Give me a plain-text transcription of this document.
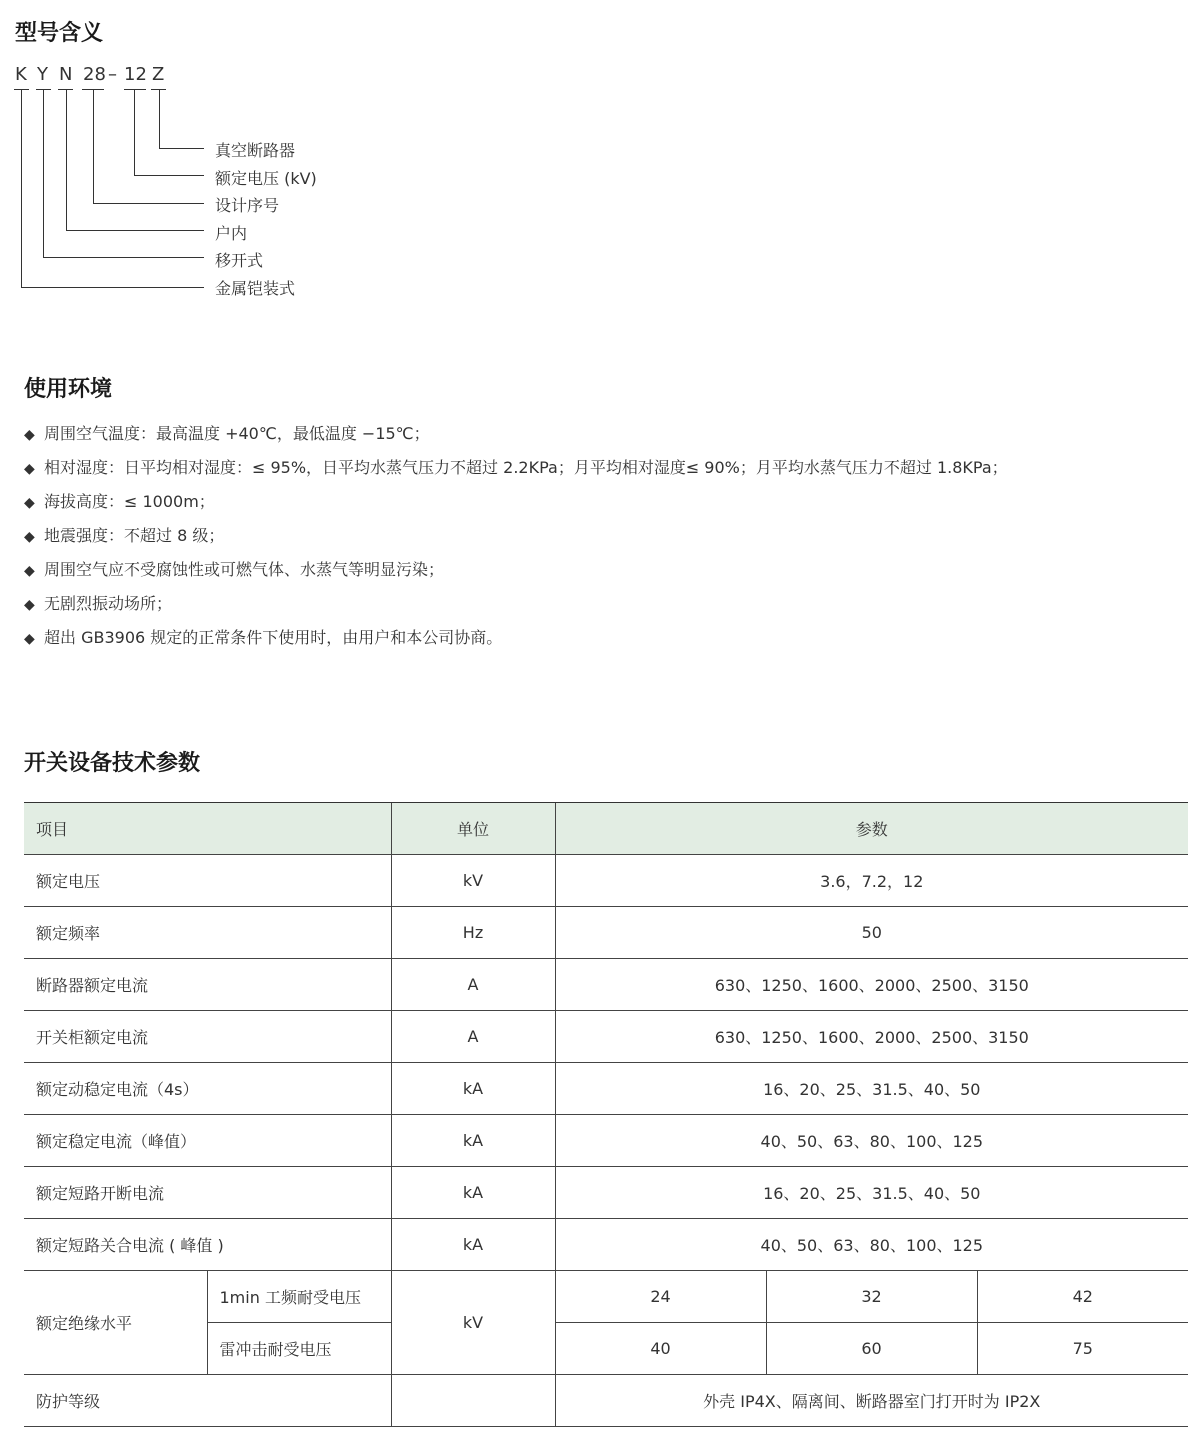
型号含义
K Y N 28 – 12 Z
真空断路器
额定电压 (kV)
设计序号
户内
移开式
金属铠装式
使用环境
◆ 周围空气温度：最高温度 +40℃，最低温度 −15℃；
◆ 相对湿度：日平均相对湿度：≤ 95%，日平均水蒸气压力不超过 2.2KPa；月平均相对湿度≤ 90%；月平均水蒸气压力不超过 1.8KPa；
◆ 海拔高度：≤ 1000m；
◆ 地震强度：不超过 8 级；
◆ 周围空气应不受腐蚀性或可燃气体、水蒸气等明显污染；
◆ 无剧烈振动场所；
◆ 超出 GB3906 规定的正常条件下使用时，由用户和本公司协商。
开关设备技术参数
项目		单位	参数		
额定电压		kV	3.6，7.2，12		
额定频率		Hz	50		
断路器额定电流		A	630、1250、1600、2000、2500、3150		
开关柜额定电流		A	630、1250、1600、2000、2500、3150		
额定动稳定电流（4s）		kA	16、20、25、31.5、40、50		
额定稳定电流（峰值）		kA	40、50、63、80、100、125		
额定短路开断电流		kA	16、20、25、31.5、40、50		
额定短路关合电流 ( 峰值 )		kA	40、50、63、80、100、125		
额定绝缘水平	1min 工频耐受电压	kV	24	32	42
	雷冲击耐受电压		40	60	75
防护等级			外壳 IP4X、隔离间、断路器室门打开时为 IP2X		
